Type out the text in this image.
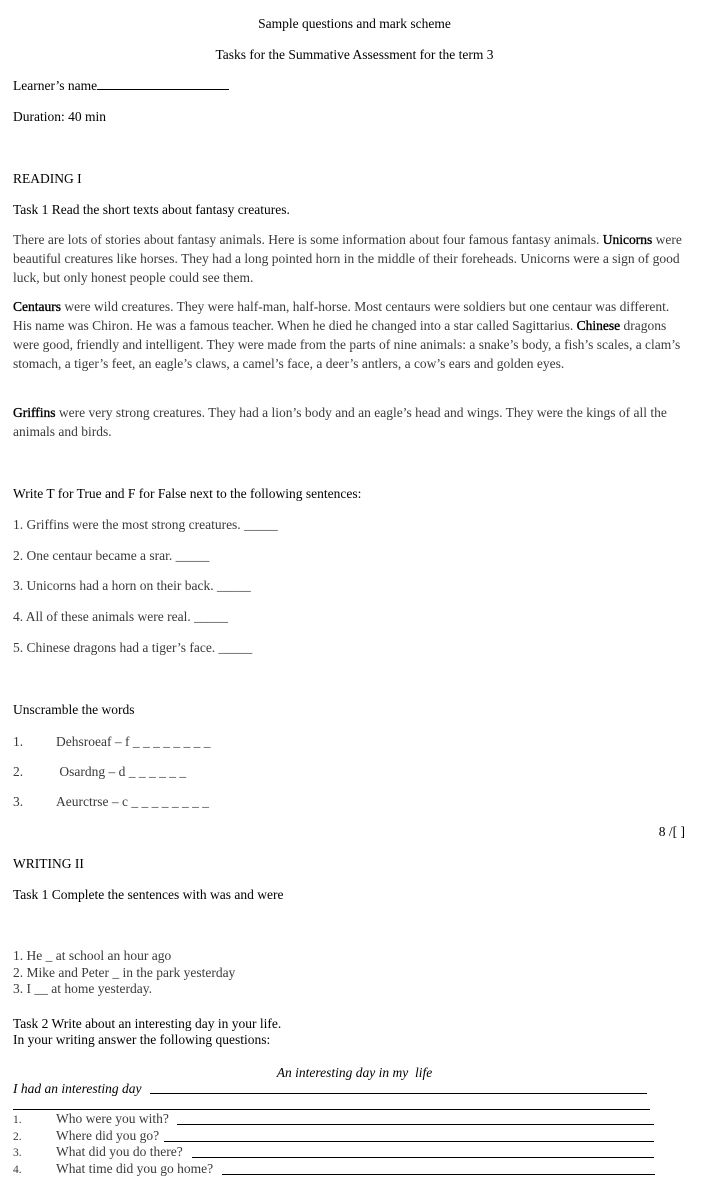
Sample questions and mark scheme
Tasks for the Summative Assessment for the term 3
Learner’s name
Duration: 40 min
READING I
Task 1 Read the short texts about fantasy creatures.
There are lots of stories about fantasy animals. Here is some information about four famous fantasy animals. Unicorns were beautiful creatures like horses. They had a long pointed horn in the middle of their foreheads. Unicorns were a sign of good luck, but only honest people could see them.
Centaurs were wild creatures. They were half-man, half-horse. Most centaurs were soldiers but one centaur was different. His name was Chiron. He was a famous teacher. When he died he changed into a star called Sagittarius. Chinese dragons were good, friendly and intelligent. They were made from the parts of nine animals: a snake’s body, a fish’s scales, a clam’s stomach, a tiger’s feet, an eagle’s claws, a camel’s face, a deer’s antlers, a cow’s ears and golden eyes.
Griffins were very strong creatures. They had a lion’s body and an eagle’s head and wings. They were the kings of all the animals and birds.
Write T for True and F for False next to the following sentences:
1. Griffins were the most strong creatures. _____
2. One centaur became a srar. _____
3. Unicorns had a horn on their back. _____
4. All of these animals were real. _____
5. Chinese dragons had a tiger’s face. _____
Unscramble the words
1. Dehsroeaf – f _ _ _ _ _ _ _ _
2. Osardng – d _ _ _ _ _ _
3. Aeurctrse – c _ _ _ _ _ _ _ _
8 /[ ]
WRITING II
Task 1 Complete the sentences with was and were
1. He _ at school an hour ago
2. Mike and Peter _ in the park yesterday
3. I __ at home yesterday.
Task 2 Write about an interesting day in your life.
In your writing answer the following questions:
An interesting day in my  life
I had an interesting day
1.	Who were you with?
2.	Where did you go?
3.	What did you do there?
4.	What time did you go home?
